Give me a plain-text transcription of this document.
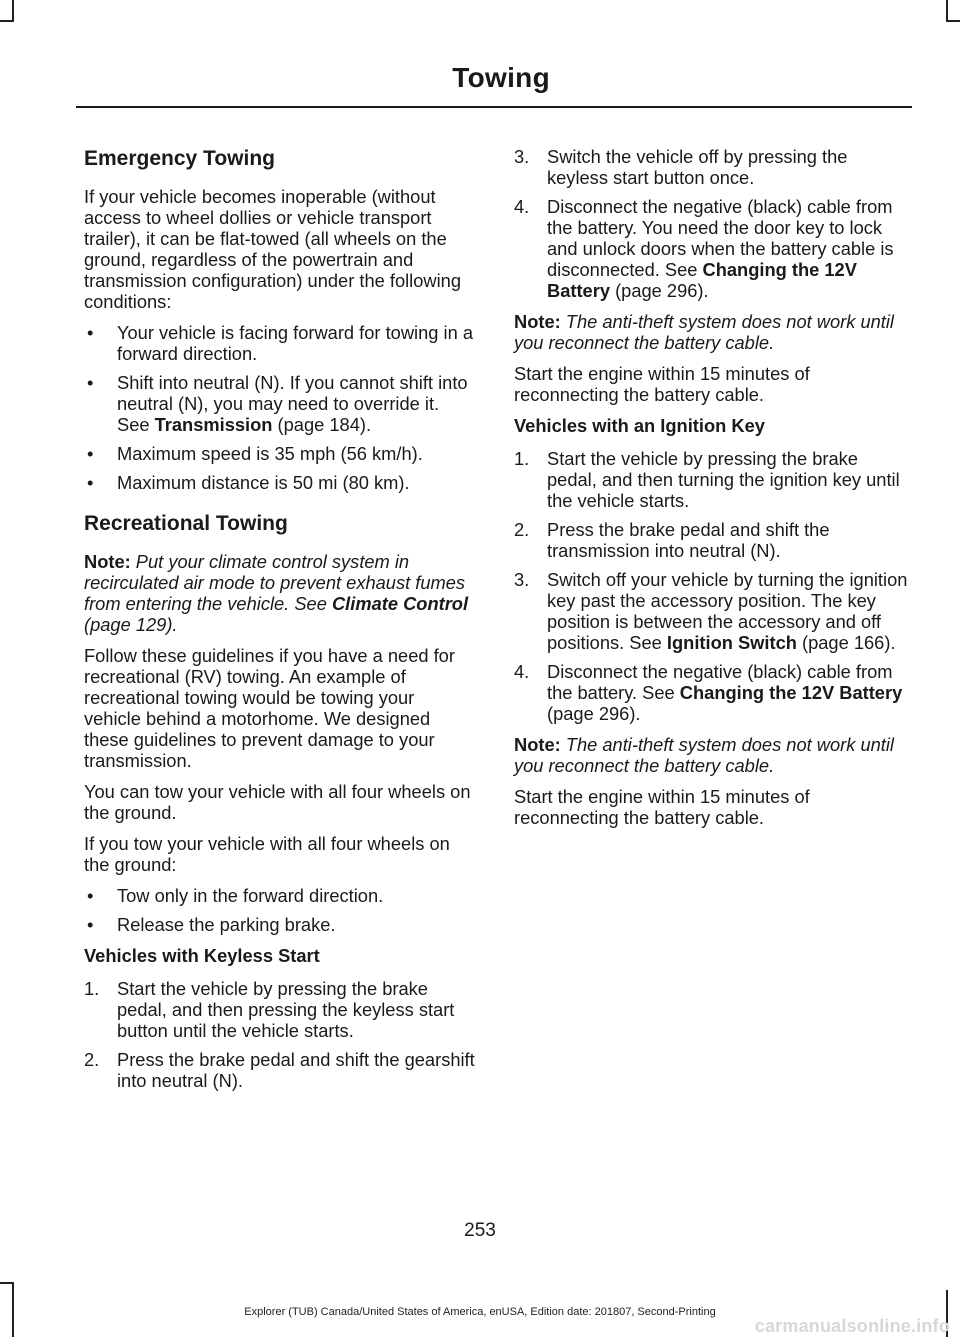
Towing
Emergency Towing

If your vehicle becomes inoperable (without access to wheel dollies or vehicle transport trailer), it can be flat-towed (all wheels on the ground, regardless of the powertrain and transmission configuration) under the following conditions:

• Your vehicle is facing forward for towing in a forward direction.
• Shift into neutral (N). If you cannot shift into neutral (N), you may need to override it. See Transmission (page 184).
• Maximum speed is 35 mph (56 km/h).
• Maximum distance is 50 mi (80 km).
Recreational Towing

Note: Put your climate control system in recirculated air mode to prevent exhaust fumes from entering the vehicle. See Climate Control (page 129).

Follow these guidelines if you have a need for recreational (RV) towing. An example of recreational towing would be towing your vehicle behind a motorhome. We designed these guidelines to prevent damage to your transmission.

You can tow your vehicle with all four wheels on the ground.

If you tow your vehicle with all four wheels on the ground:

• Tow only in the forward direction.
• Release the parking brake.
Vehicles with Keyless Start
1. Start the vehicle by pressing the brake pedal, and then pressing the keyless start button until the vehicle starts.
2. Press the brake pedal and shift the gearshift into neutral (N).
3. Switch the vehicle off by pressing the keyless start button once.
4. Disconnect the negative (black) cable from the battery. You need the door key to lock and unlock doors when the battery cable is disconnected. See Changing the 12V Battery (page 296).

Note: The anti-theft system does not work until you reconnect the battery cable.

Start the engine within 15 minutes of reconnecting the battery cable.

Vehicles with an Ignition Key
1. Start the vehicle by pressing the brake pedal, and then turning the ignition key until the vehicle starts.
2. Press the brake pedal and shift the transmission into neutral (N).
3. Switch off your vehicle by turning the ignition key past the accessory position. The key position is between the accessory and off positions. See Ignition Switch (page 166).
4. Disconnect the negative (black) cable from the battery. See Changing the 12V Battery (page 296).

Note: The anti-theft system does not work until you reconnect the battery cable.

Start the engine within 15 minutes of reconnecting the battery cable.

253
Explorer (TUB) Canada/United States of America, enUSA, Edition date: 201807, Second-Printing
carmanualsonline.info
